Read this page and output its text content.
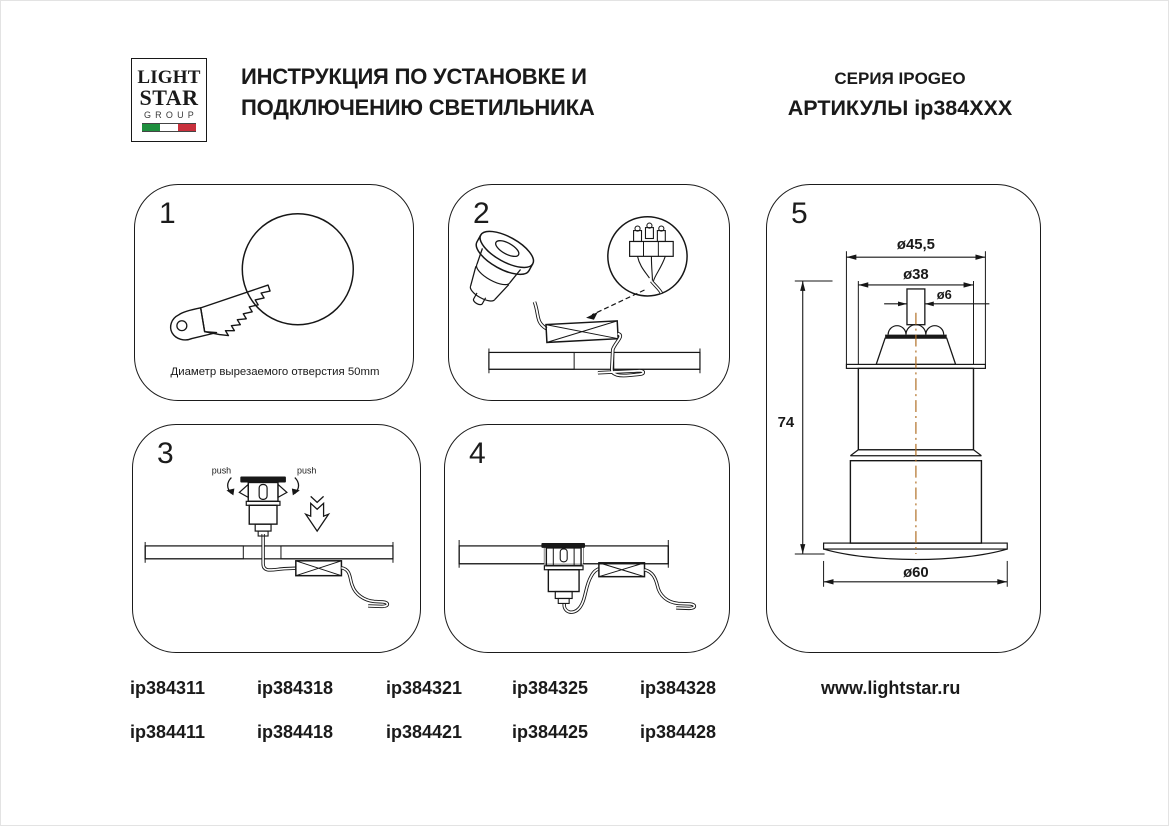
LIGHT
STAR
GROUP
ИНСТРУКЦИЯ ПО УСТАНОВКЕ И
ПОДКЛЮЧЕНИЮ СВЕТИЛЬНИКА
СЕРИЯ IPOGEO
АРТИКУЛЫ ip384XXX
Диаметр вырезаемого отверстия 50mm
1	2
push	push
3	4
ø45,5
ø38
ø6
74
ø60
5
ip384311	ip384318	ip384321	ip384325	ip384328
ip384411	ip384418	ip384421	ip384425	ip384428
www.lightstar.ru
